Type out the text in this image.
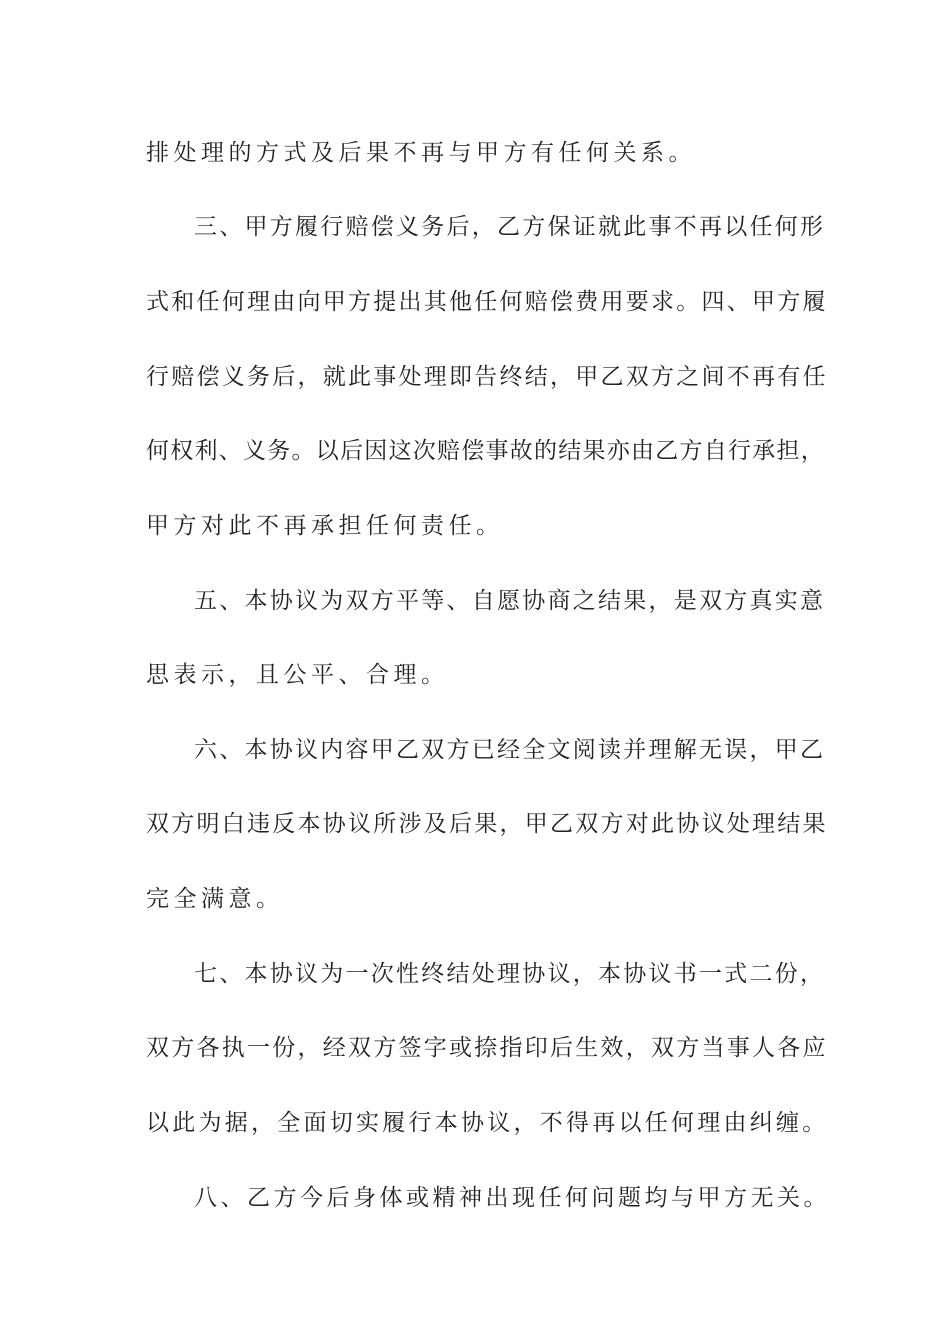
排处理的方式及后果不再与甲方有任何关系。

三、甲方履行赔偿义务后，乙方保证就此事不再以任何形

式和任何理由向甲方提出其他任何赔偿费用要求。四、甲方履

行赔偿义务后，就此事处理即告终结，甲乙双方之间不再有任

何权利、义务。以后因这次赔偿事故的结果亦由乙方自行承担，

甲方对此不再承担任何责任。

五、本协议为双方平等、自愿协商之结果，是双方真实意

思表示，且公平、合理。

六、本协议内容甲乙双方已经全文阅读并理解无误，甲乙

双方明白违反本协议所涉及后果，甲乙双方对此协议处理结果

完全满意。

七、本协议为一次性终结处理协议，本协议书一式二份，

双方各执一份，经双方签字或捺指印后生效，双方当事人各应

以此为据，全面切实履行本协议，不得再以任何理由纠缠。

八、乙方今后身体或精神出现任何问题均与甲方无关。
